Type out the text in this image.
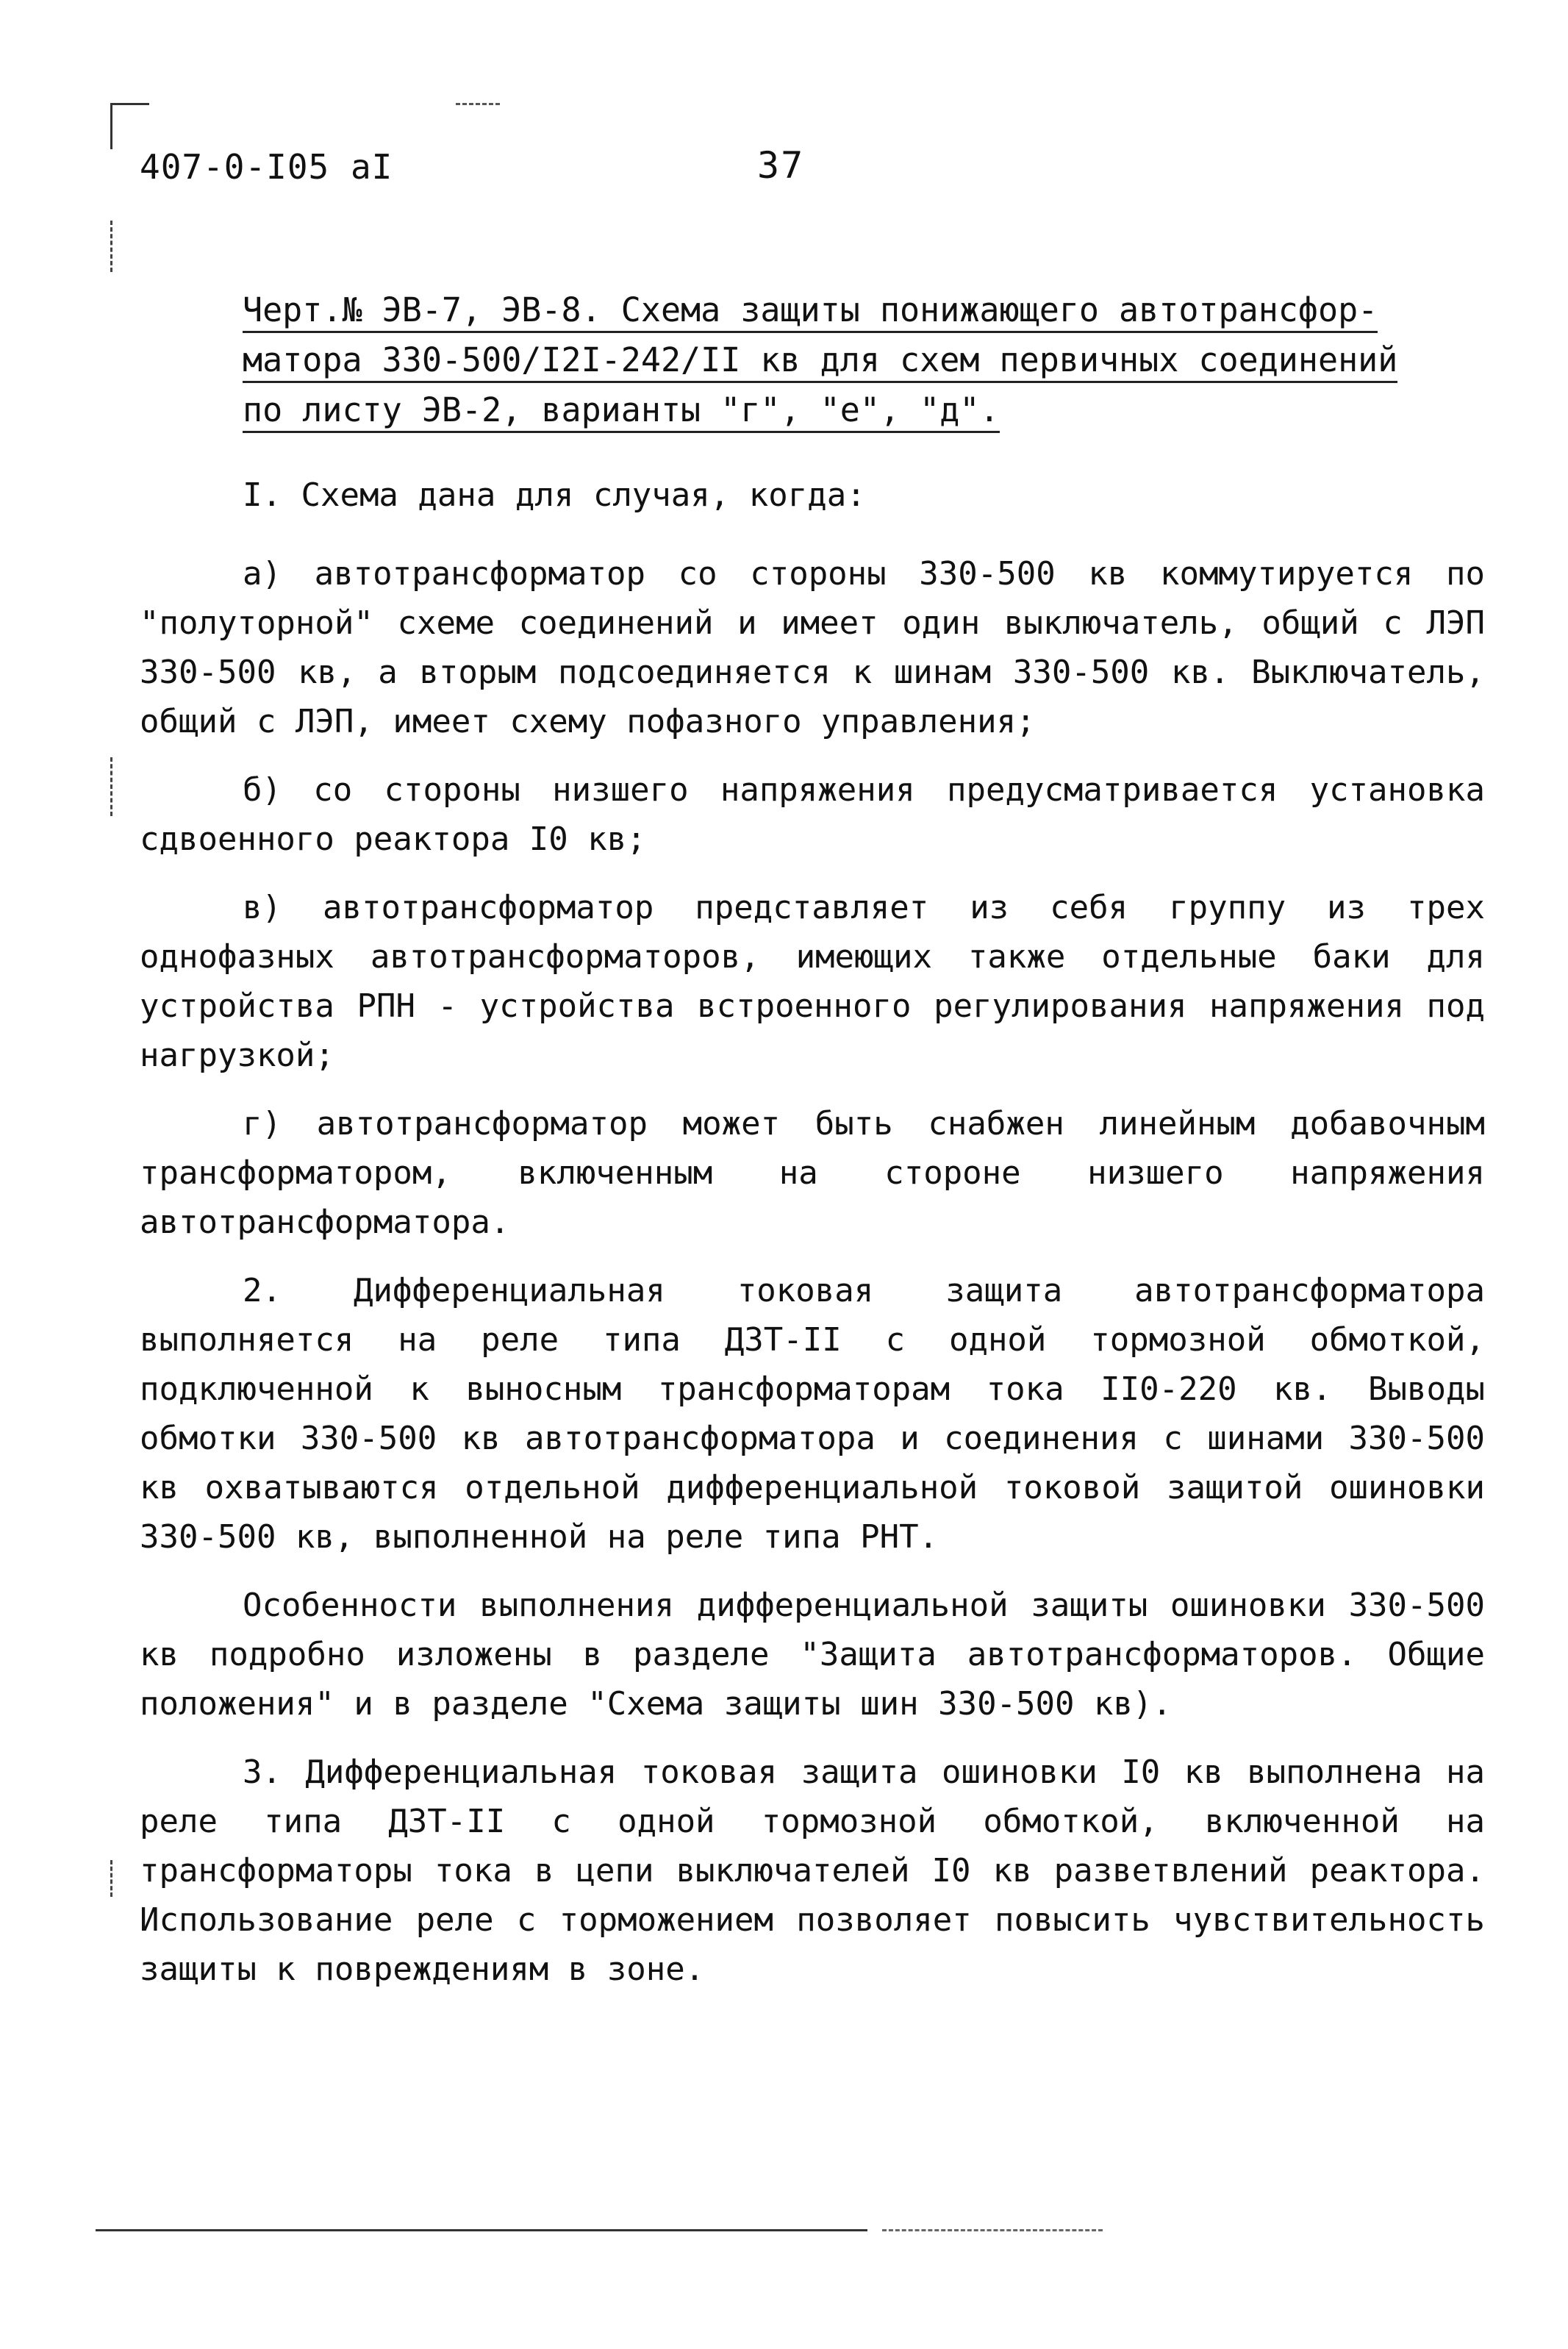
407-0-I05 аI	37
Черт.№ ЭВ-7, ЭВ-8. Схема защиты понижающего автотрансфор-
матора 330-500/I2I-242/II кв для схем первичных соединений
по листу ЭВ-2, варианты "г", "е", "д".

I. Схема дана для случая, когда:

а) автотрансформатор со стороны 330-500 кв коммутируется по "полуторной" схеме соединений и имеет один выключатель, общий с ЛЭП 330-500 кв, а вторым подсоединяется к шинам 330-500 кв. Выключатель, общий с ЛЭП, имеет схему пофазного управления;

б) со стороны низшего напряжения предусматривается установка сдвоенного реактора I0 кв;

в) автотрансформатор представляет из себя группу из трех однофазных автотрансформаторов, имеющих также отдельные баки для устройства РПН - устройства встроенного регулирования напряжения под нагрузкой;

г) автотрансформатор может быть снабжен линейным добавочным трансформатором, включенным на стороне низшего напряжения автотрансформатора.

2. Дифференциальная токовая защита автотрансформатора выполняется на реле типа ДЗТ-II с одной тормозной обмоткой, подключенной к выносным трансформаторам тока II0-220 кв. Выводы обмотки 330-500 кв автотрансформатора и соединения с шинами 330-500 кв охватываются отдельной дифференциальной токовой защитой ошиновки 330-500 кв, выполненной на реле типа РНТ.

Особенности выполнения дифференциальной защиты ошиновки 330-500 кв подробно изложены в разделе "Защита автотрансформаторов. Общие положения" и в разделе "Схема защиты шин 330-500 кв).

3. Дифференциальная токовая защита ошиновки I0 кв выполнена на реле типа ДЗТ-II с одной тормозной обмоткой, включенной на трансформаторы тока в цепи выключателей I0 кв разветвлений реактора. Использование реле с торможением позволяет повысить чувствительность защиты к повреждениям в зоне.
